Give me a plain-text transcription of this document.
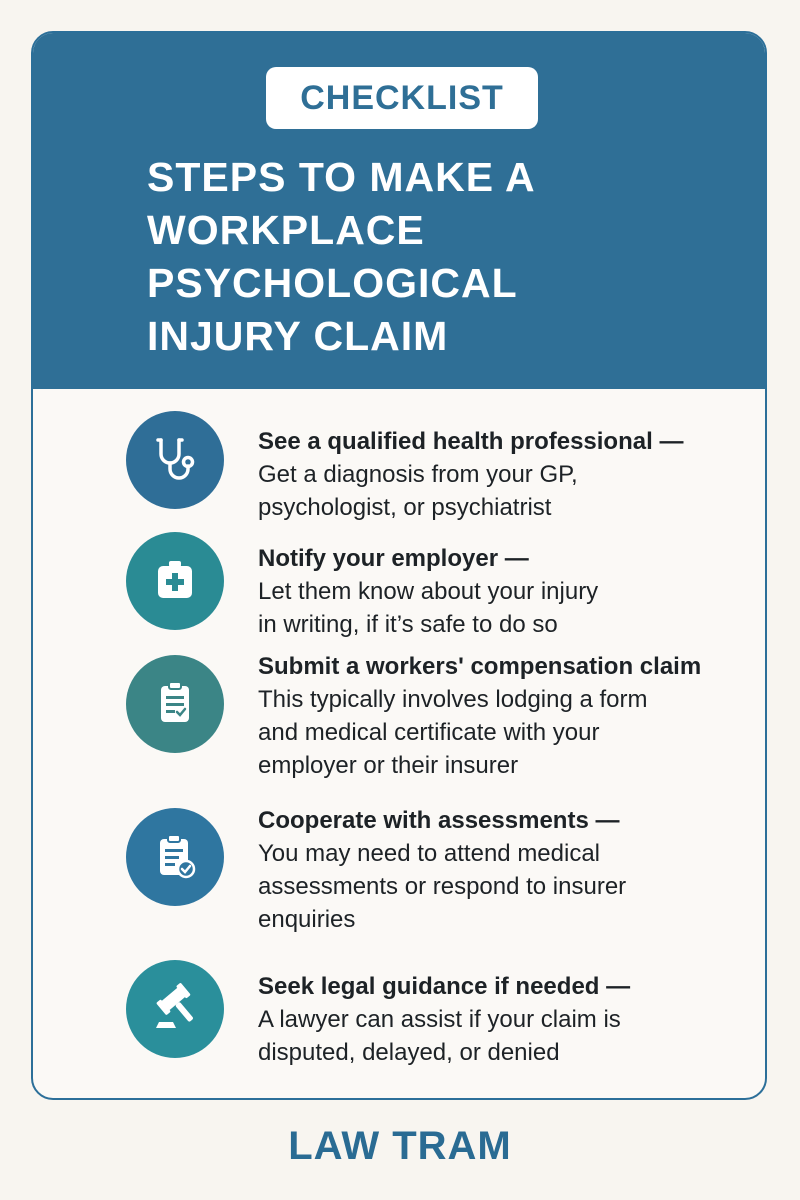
CHECKLIST
STEPS TO MAKE A
WORKPLACE
PSYCHOLOGICAL
INJURY CLAIM
See a qualified health professional —
Get a diagnosis from your GP,
psychologist, or psychiatrist
Notify your employer —
Let them know about your injury
in writing, if it’s safe to do so
Submit a workers' compensation claim
This typically involves lodging a form
and medical certificate with your
employer or their insurer
Cooperate with assessments —
You may need to attend medical
assessments or respond to insurer
enquiries
Seek legal guidance if needed —
A lawyer can assist if your claim is
disputed, delayed, or denied
LAW TRAM
